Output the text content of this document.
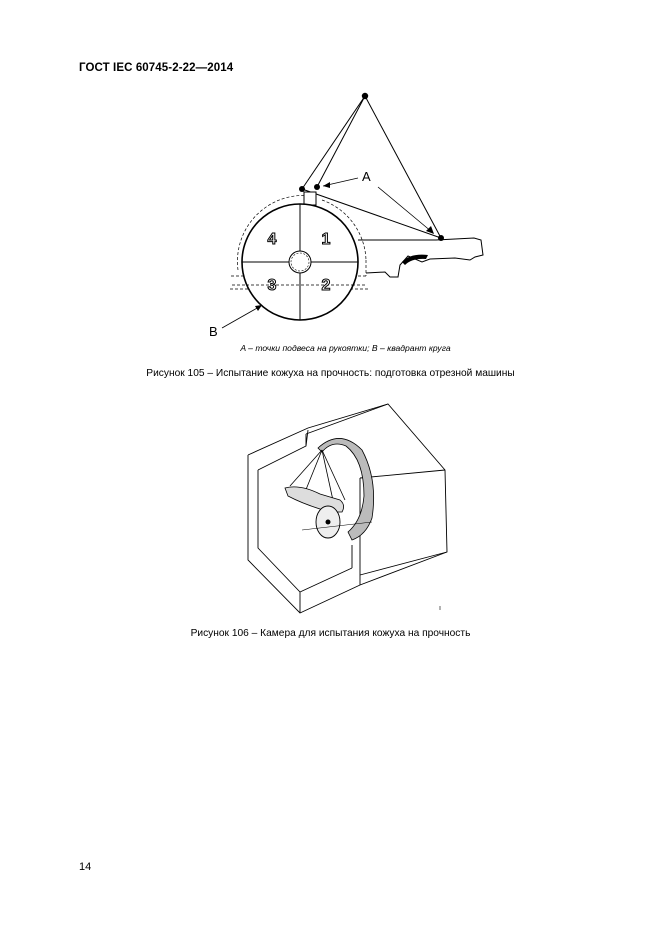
ГОСТ IEC 60745-2-22—2014
4	1
3	2
A
B
A – точки подвеса на рукоятки; B – квадрант круга
Рисунок 105 – Испытание кожуха на прочность: подготовка отрезной машины
Рисунок 106 – Камера для испытания кожуха на прочность
14
